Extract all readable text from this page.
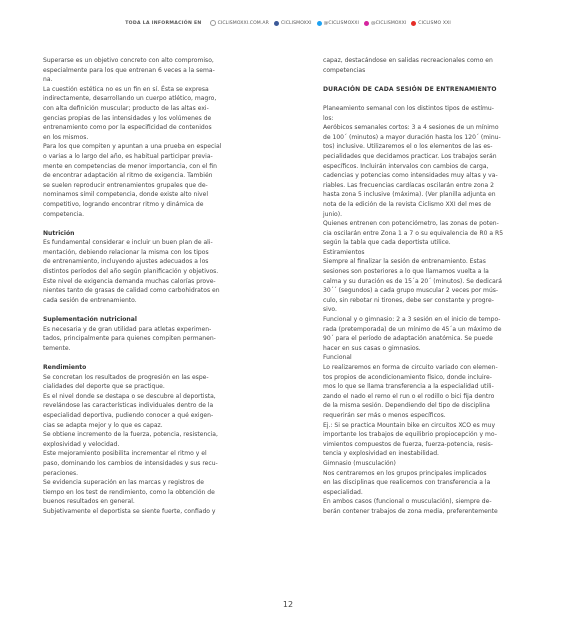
TODA LA INFORMACIÓN EN	CICLISMOXXI.COM.AR	CICLISMOXXI	@CICLISMOXXI	@CICLISMOXXI	CICLISMO XXI

Superarse es un objetivo concreto con alto compromiso,
especialmente para los que entrenan 6 veces a la sema-
na.

La cuestión estética no es un fin en sí. Ésta se expresa
indirectamente, desarrollando un cuerpo atlético, magro,
con alta definición muscular; producto de las altas exi-
gencias propias de las intensidades y los volúmenes de
entrenamiento como por la especificidad de contenidos
en los mismos.

Para los que compiten y apuntan a una prueba en especial
o varias a lo largo del año, es habitual participar previa-
mente en competencias de menor importancia, con el fin
de encontrar adaptación al ritmo de exigencia. También
se suelen reproducir entrenamientos grupales que de-
nominamos símil competencia, donde existe alto nivel
competitivo, logrando encontrar ritmo y dinámica de
competencia.

Nutrición

Es fundamental considerar e incluir un buen plan de ali-
mentación, debiendo relacionar la misma con los tipos
de entrenamiento, incluyendo ajustes adecuados a los
distintos períodos del año según planificación y objetivos.
Este nivel de exigencia demanda muchas calorías prove-
nientes tanto de grasas de calidad como carbohidratos en
cada sesión de entrenamiento.

Suplementación nutricional

Es necesaria y de gran utilidad para atletas experimen-
tados, principalmente para quienes compiten permanen-
temente.

Rendimiento

Se concretan los resultados de progresión en las espe-
cialidades del deporte que se practique.
Es el nivel donde se destapa o se descubre al deportista,
revelándose las características individuales dentro de la
especialidad deportiva, pudiendo conocer a qué exigen-
cias se adapta mejor y lo que es capaz.
Se obtiene incremento de la fuerza, potencia, resistencia,
explosividad y velocidad.
Este mejoramiento posibilita incrementar el ritmo y el
paso, dominando los cambios de intensidades y sus recu-
peraciones.
Se evidencia superación en las marcas y registros de
tiempo en los test de rendimiento, como la obtención de
buenos resultados en general.
Subjetivamente el deportista se siente fuerte, confiado y

capaz, destacándose en salidas recreacionales como en
competencias

DURACIÓN DE CADA SESIÓN DE ENTRENAMIENTO

Planeamiento semanal con los distintos tipos de estímu-
los:
Aeróbicos semanales cortos: 3 a 4 sesiones de un mínimo
de 100´ (minutos) a mayor duración hasta los 120´ (minu-
tos) inclusive. Utilizaremos el o los elementos de las es-
pecialidades que decidamos practicar. Los trabajos serán
específicos. Incluirán intervalos con cambios de carga,
cadencias y potencias como intensidades muy altas y va-
riables. Las frecuencias cardíacas oscilarán entre zona 2
hasta zona 5 inclusive (máxima). (Ver planilla adjunta en
nota de la edición de la revista Ciclismo XXI del mes de
junio).
Quienes entrenen con potenciómetro, las zonas de poten-
cia oscilarán entre Zona 1 a 7 o su equivalencia de R0 a R5
según la tabla que cada deportista utilice.
Estiramientos
Siempre al finalizar la sesión de entrenamiento. Estas
sesiones son posteriores a lo que llamamos vuelta a la
calma y su duración es de 15´a 20´ (minutos). Se dedicará
30´´ (segundos) a cada grupo muscular 2 veces por mús-
culo, sin rebotar ni tirones, debe ser constante y progre-
sivo.
Funcional y o gimnasio: 2 a 3 sesión en el inicio de tempo-
rada (pretemporada) de un mínimo de 45´a un máximo de
90´ para el período de adaptación anatómica. Se puede
hacer en sus casas o gimnasios.
Funcional
Lo realizaremos en forma de circuito variado con elemen-
tos propios de acondicionamiento físico, donde incluire-
mos lo que se llama transferencia a la especialidad utili-
zando el nado el remo el run o el rodillo o bici fija dentro
de la misma sesión. Dependiendo del tipo de disciplina
requerirán ser más o menos específicos.
Ej.: Si se practica Mountain bike en circuitos XCO es muy
importante los trabajos de equilibrio propiocepción y mo-
vimientos compuestos de fuerza, fuerza-potencia, resis-
tencia y explosividad en inestabilidad.
Gimnasio (musculación)
Nos centraremos en los grupos principales implicados
en las disciplinas que realicemos con transferencia a la
especialidad.
En ambos casos (funcional o musculación), siempre de-
berán contener trabajos de zona media, preferentemente

12
